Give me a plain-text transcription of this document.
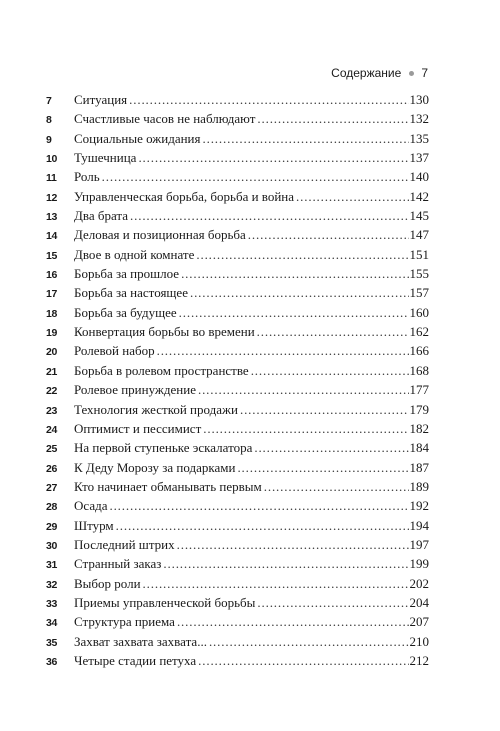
Содержание 7
7	Ситуация . . .	130
8	Счастливые часов не наблюдают . . .	132
9	Социальные ожидания . . .	135
10	Тушечница . . .	137
11	Роль . . .	140
12	Управленческая борьба, борьба и война . . .	142
13	Два брата . . .	145
14	Деловая и позиционная борьба . . .	147
15	Двое в одной комнате . . .	151
16	Борьба за прошлое . . .	155
17	Борьба за настоящее . . .	157
18	Борьба за будущее . . .	160
19	Конвертация борьбы во времени . . .	162
20	Ролевой набор . . .	166
21	Борьба в ролевом пространстве . . .	168
22	Ролевое принуждение . . .	177
23	Технология жесткой продажи . . .	179
24	Оптимист и пессимист . . .	182
25	На первой ступеньке эскалатора . . .	184
26	К Деду Морозу за подарками . . .	187
27	Кто начинает обманывать первым . . .	189
28	Осада . . .	192
29	Штурм . . .	194
30	Последний штрих . . .	197
31	Странный заказ . . .	199
32	Выбор роли . . .	202
33	Приемы управленческой борьбы . . .	204
34	Структура приема . . .	207
35	Захват захвата захвата... . . .	210
36	Четыре стадии петуха . . .	212
